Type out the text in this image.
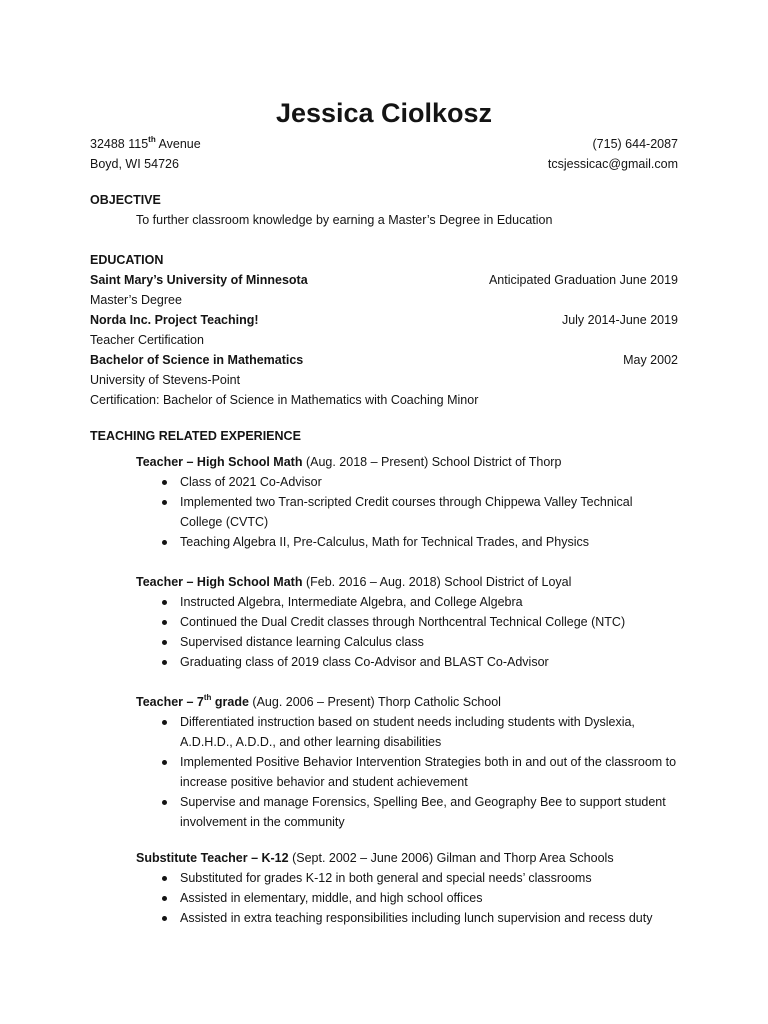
Jessica Ciolkosz
32488 115th Avenue	(715) 644-2087
Boyd, WI 54726	tcsjessicac@gmail.com
OBJECTIVE
To further classroom knowledge by earning a Master’s Degree in Education
EDUCATION
Saint Mary’s University of Minnesota	Anticipated Graduation June 2019
Master’s Degree
Norda Inc. Project Teaching!	July 2014-June 2019
Teacher Certification
Bachelor of Science in Mathematics	May 2002
University of Stevens-Point
Certification: Bachelor of Science in Mathematics with Coaching Minor
TEACHING RELATED EXPERIENCE
Teacher – High School Math (Aug. 2018 – Present) School District of Thorp
Class of 2021 Co-Advisor
Implemented two Tran-scripted Credit courses through Chippewa Valley Technical College (CVTC)
Teaching Algebra II, Pre-Calculus, Math for Technical Trades, and Physics
Teacher – High School Math (Feb. 2016 – Aug. 2018) School District of Loyal
Instructed Algebra, Intermediate Algebra, and College Algebra
Continued the Dual Credit classes through Northcentral Technical College (NTC)
Supervised distance learning Calculus class
Graduating class of 2019 class Co-Advisor and BLAST Co-Advisor
Teacher – 7th grade (Aug. 2006 – Present) Thorp Catholic School
Differentiated instruction based on student needs including students with Dyslexia, A.D.H.D., A.D.D., and other learning disabilities
Implemented Positive Behavior Intervention Strategies both in and out of the classroom to increase positive behavior and student achievement
Supervise and manage Forensics, Spelling Bee, and Geography Bee to support student involvement in the community
Substitute Teacher – K-12 (Sept. 2002 – June 2006) Gilman and Thorp Area Schools
Substituted for grades K-12 in both general and special needs’ classrooms
Assisted in elementary, middle, and high school offices
Assisted in extra teaching responsibilities including lunch supervision and recess duty
